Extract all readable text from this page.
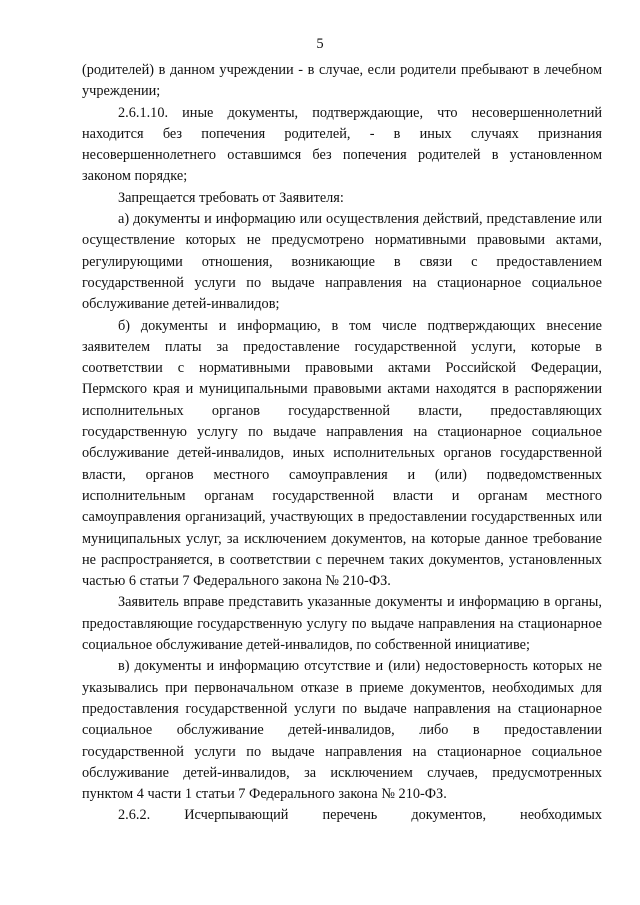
5

(родителей) в данном учреждении - в случае, если родители пребывают в лечебном учреждении;

2.6.1.10. иные документы, подтверждающие, что несовершеннолетний находится без попечения родителей, - в иных случаях признания несовершеннолетнего оставшимся без попечения родителей в установленном законом порядке;

Запрещается требовать от Заявителя:

а) документы и информацию или осуществления действий, представление или осуществление которых не предусмотрено нормативными правовыми актами, регулирующими отношения, возникающие в связи с предоставлением государственной услуги по выдаче направления на стационарное социальное обслуживание детей-инвалидов;

б) документы и информацию, в том числе подтверждающих внесение заявителем платы за предоставление государственной услуги, которые в соответствии с нормативными правовыми актами Российской Федерации, Пермского края и муниципальными правовыми актами находятся в распоряжении исполнительных органов государственной власти, предоставляющих государственную услугу по выдаче направления на стационарное социальное обслуживание детей-инвалидов, иных исполнительных органов государственной власти, органов местного самоуправления и (или) подведомственных исполнительным органам государственной власти и органам местного самоуправления организаций, участвующих в предоставлении государственных или муниципальных услуг, за исключением документов, на которые данное требование не распространяется, в соответствии с перечнем таких документов, установленных частью 6 статьи 7 Федерального закона № 210-ФЗ.

Заявитель вправе представить указанные документы и информацию в органы, предоставляющие государственную услугу по выдаче направления на стационарное социальное обслуживание детей-инвалидов, по собственной инициативе;

в) документы и информацию отсутствие и (или) недостоверность которых не указывались при первоначальном отказе в приеме документов, необходимых для предоставления государственной услуги по выдаче направления на стационарное социальное обслуживание детей-инвалидов, либо в предоставлении государственной услуги по выдаче направления на стационарное социальное обслуживание детей-инвалидов, за исключением случаев, предусмотренных пунктом 4 части 1 статьи 7 Федерального закона № 210-ФЗ.

2.6.2. Исчерпывающий перечень документов, необходимых
